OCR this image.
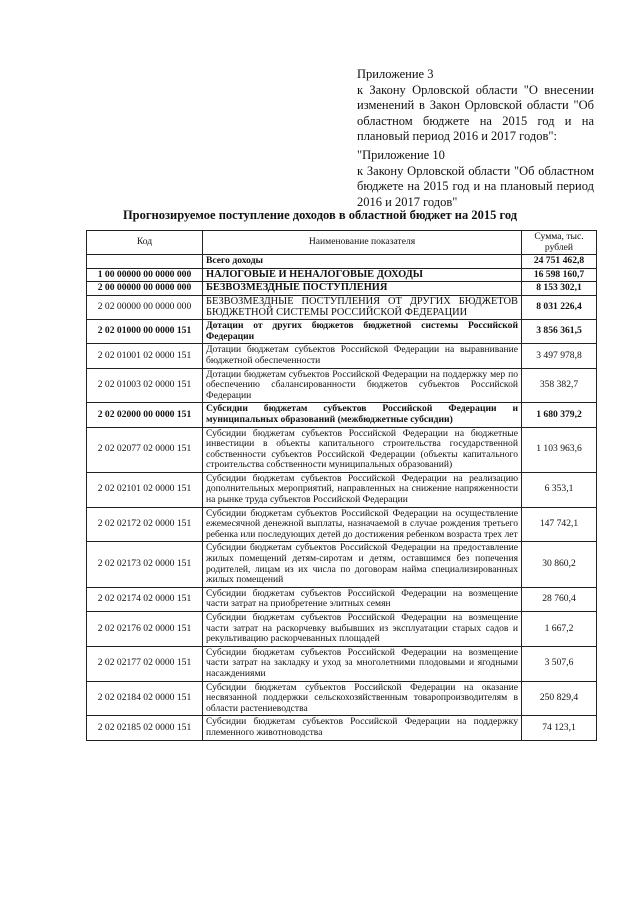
Приложение 3

к Закону Орловской области "О внесении изменений в Закон Орловской области "Об областном бюджете на 2015 год и на плановый период 2016 и 2017 годов":

"Приложение 10

к Закону Орловской области "Об областном бюджете на 2015 год и на плановый период 2016 и 2017 годов"

Прогнозируемое поступление доходов в областной бюджет на 2015 год
Код	Наименование показателя	Сумма, тыс. рублей
	Всего доходы	24 751 462,8
1 00 00000 00 0000 000	НАЛОГОВЫЕ И НЕНАЛОГОВЫЕ ДОХОДЫ	16 598 160,7
2 00 00000 00 0000 000	БЕЗВОЗМЕЗДНЫЕ ПОСТУПЛЕНИЯ	8 153 302,1
2 02 00000 00 0000 000	БЕЗВОЗМЕЗДНЫЕ ПОСТУПЛЕНИЯ ОТ ДРУГИХ БЮДЖЕТОВ БЮДЖЕТНОЙ СИСТЕМЫ РОССИЙСКОЙ ФЕДЕРАЦИИ	8 031 226,4
2 02 01000 00 0000 151	Дотации от других бюджетов бюджетной системы Российской Федерации	3 856 361,5
2 02 01001 02 0000 151	Дотации бюджетам субъектов Российской Федерации на выравнивание бюджетной обеспеченности	3 497 978,8
2 02 01003 02 0000 151	Дотации бюджетам субъектов Российской Федерации на поддержку мер по обеспечению сбалансированности бюджетов субъектов Российской Федерации	358 382,7
2 02 02000 00 0000 151	Субсидии бюджетам субъектов Российской Федерации и муниципальных образований (межбюджетные субсидии)	1 680 379,2
2 02 02077 02 0000 151	Субсидии бюджетам субъектов Российской Федерации на бюджетные инвестиции в объекты капитального строительства государственной собственности субъектов Российской Федерации (объекты капитального строительства собственности муниципальных образований)	1 103 963,6
2 02 02101 02 0000 151	Субсидии бюджетам субъектов Российской Федерации на реализацию дополнительных мероприятий, направленных на снижение напряженности на рынке труда субъектов Российской Федерации	6 353,1
2 02 02172 02 0000 151	Субсидии бюджетам субъектов Российской Федерации на осуществление ежемесячной денежной выплаты, назначаемой в случае рождения третьего ребенка или последующих детей до достижения ребенком возраста трех лет	147 742,1
2 02 02173 02 0000 151	Субсидии бюджетам субъектов Российской Федерации на предоставление жилых помещений детям-сиротам и детям, оставшимся без попечения родителей, лицам из их числа по договорам найма специализированных жилых помещений	30 860,2
2 02 02174 02 0000 151	Субсидии бюджетам субъектов Российской Федерации на возмещение части затрат на приобретение элитных семян	28 760,4
2 02 02176 02 0000 151	Субсидии бюджетам субъектов Российской Федерации на возмещение части затрат на раскорчевку выбывших из эксплуатации старых садов и рекультивацию раскорчеванных площадей	1 667,2
2 02 02177 02 0000 151	Субсидии бюджетам субъектов Российской Федерации на возмещение части затрат на закладку и уход за многолетними плодовыми и ягодными насаждениями	3 507,6
2 02 02184 02 0000 151	Субсидии бюджетам субъектов Российской Федерации на оказание несвязанной поддержки сельскохозяйственным товаропроизводителям в области растениеводства	250 829,4
2 02 02185 02 0000 151	Субсидии бюджетам субъектов Российской Федерации на поддержку племенного животноводства	74 123,1
